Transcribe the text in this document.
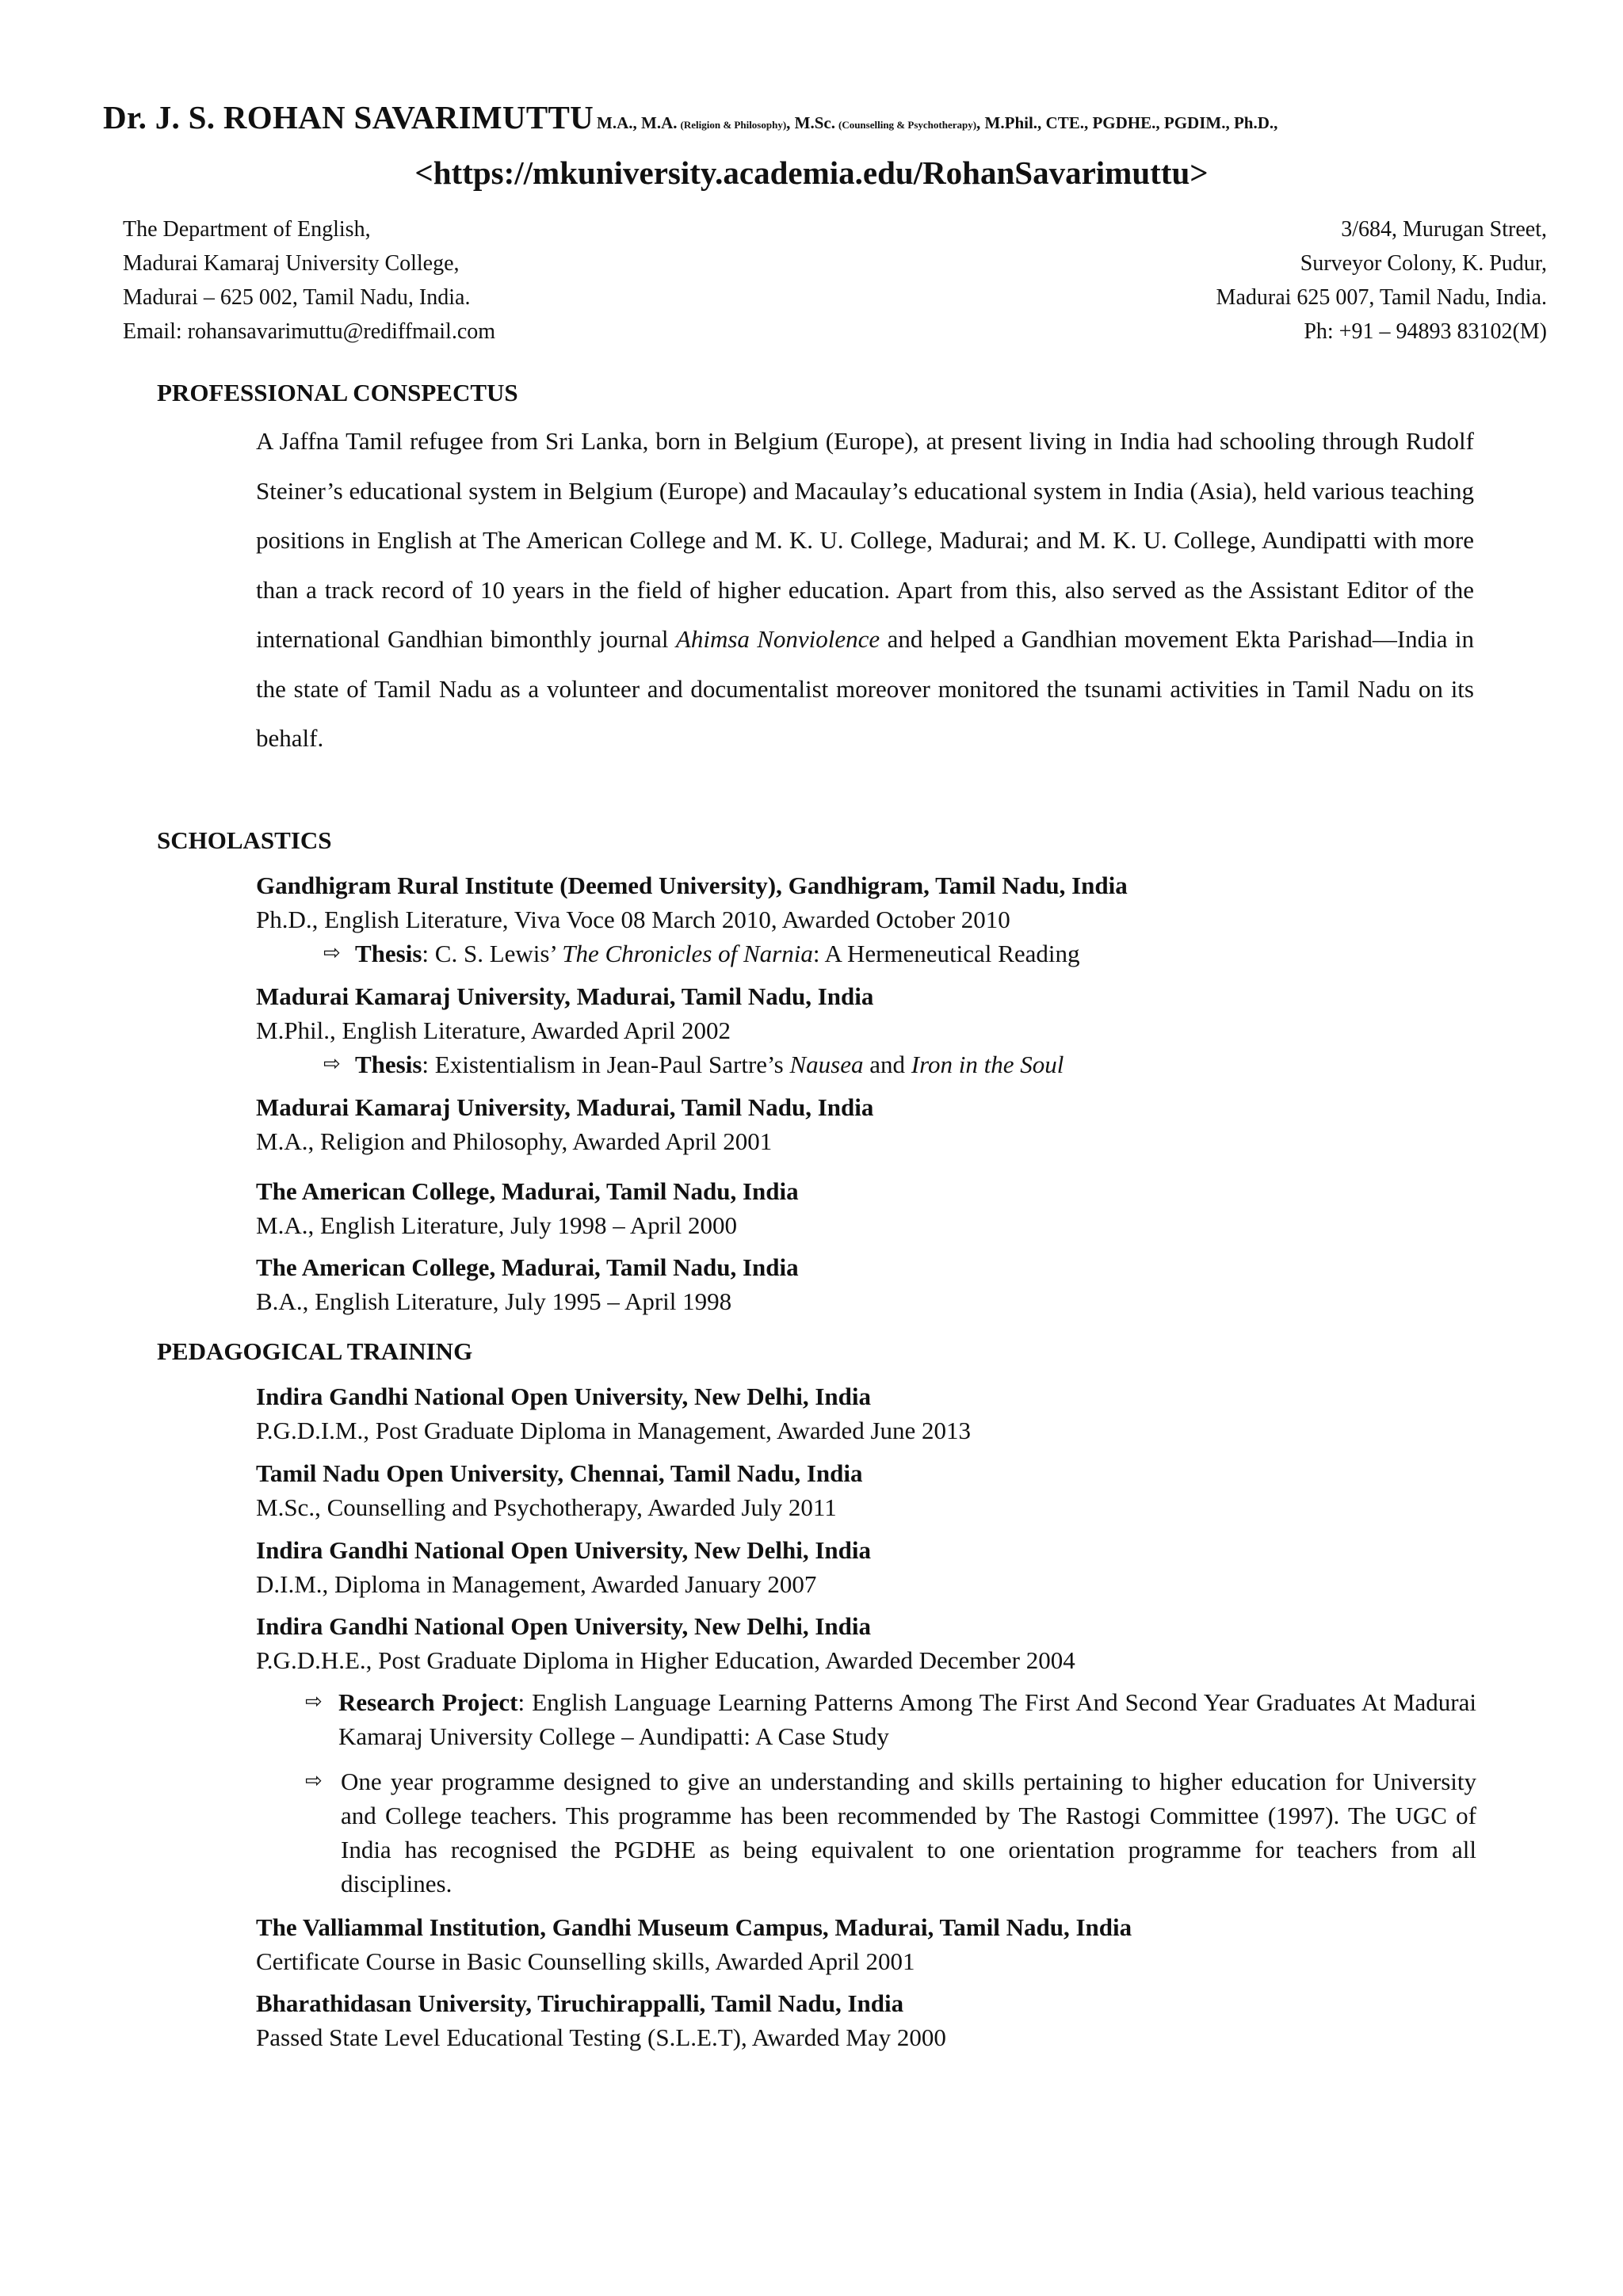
Dr. J. S. ROHAN SAVARIMUTTU M.A., M.A. (Religion & Philosophy), M.Sc. (Counselling & Psychotherapy), M.Phil., CTE., PGDHE., PGDIM., Ph.D.,
<https://mkuniversity.academia.edu/RohanSavarimuttu>
The Department of English,
Madurai Kamaraj University College,
Madurai – 625 002, Tamil Nadu, India.
Email: rohansavarimuttu@rediffmail.com
3/684, Murugan Street,
Surveyor Colony, K. Pudur,
Madurai 625 007, Tamil Nadu, India.
Ph: +91 – 94893 83102(M)
PROFESSIONAL CONSPECTUS
A Jaffna Tamil refugee from Sri Lanka, born in Belgium (Europe), at present living in India had schooling through Rudolf Steiner’s educational system in Belgium (Europe) and Macaulay’s educational system in India (Asia), held various teaching positions in English at The American College and M. K. U. College, Madurai; and M. K. U. College, Aundipatti with more than a track record of 10 years in the field of higher education. Apart from this, also served as the Assistant Editor of the international Gandhian bimonthly journal Ahimsa Nonviolence and helped a Gandhian movement Ekta Parishad—India in the state of Tamil Nadu as a volunteer and documentalist moreover monitored the tsunami activities in Tamil Nadu on its behalf.
SCHOLASTICS
Gandhigram Rural Institute (Deemed University), Gandhigram, Tamil Nadu, India
Ph.D., English Literature, Viva Voce 08 March 2010, Awarded October 2010
⇨ Thesis: C. S. Lewis’ The Chronicles of Narnia: A Hermeneutical Reading
Madurai Kamaraj University, Madurai, Tamil Nadu, India
M.Phil., English Literature, Awarded April 2002
⇨ Thesis: Existentialism in Jean-Paul Sartre’s Nausea and Iron in the Soul
Madurai Kamaraj University, Madurai, Tamil Nadu, India
M.A., Religion and Philosophy, Awarded April 2001
The American College, Madurai, Tamil Nadu, India
M.A., English Literature, July 1998 – April 2000
The American College, Madurai, Tamil Nadu, India
B.A., English Literature, July 1995 – April 1998
PEDAGOGICAL TRAINING
Indira Gandhi National Open University, New Delhi, India
P.G.D.I.M., Post Graduate Diploma in Management, Awarded June 2013
Tamil Nadu Open University, Chennai, Tamil Nadu, India
M.Sc., Counselling and Psychotherapy, Awarded July 2011
Indira Gandhi National Open University, New Delhi, India
D.I.M., Diploma in Management, Awarded January 2007
Indira Gandhi National Open University, New Delhi, India
P.G.D.H.E., Post Graduate Diploma in Higher Education, Awarded December 2004
⇨ Research Project: English Language Learning Patterns Among The First And Second Year Graduates At Madurai Kamaraj University College – Aundipatti: A Case Study
⇨ One year programme designed to give an understanding and skills pertaining to higher education for University and College teachers. This programme has been recommended by The Rastogi Committee (1997). The UGC of India has recognised the PGDHE as being equivalent to one orientation programme for teachers from all disciplines.
The Valliammal Institution, Gandhi Museum Campus, Madurai, Tamil Nadu, India
Certificate Course in Basic Counselling skills, Awarded April 2001
Bharathidasan University, Tiruchirappalli, Tamil Nadu, India
Passed State Level Educational Testing (S.L.E.T), Awarded May 2000
